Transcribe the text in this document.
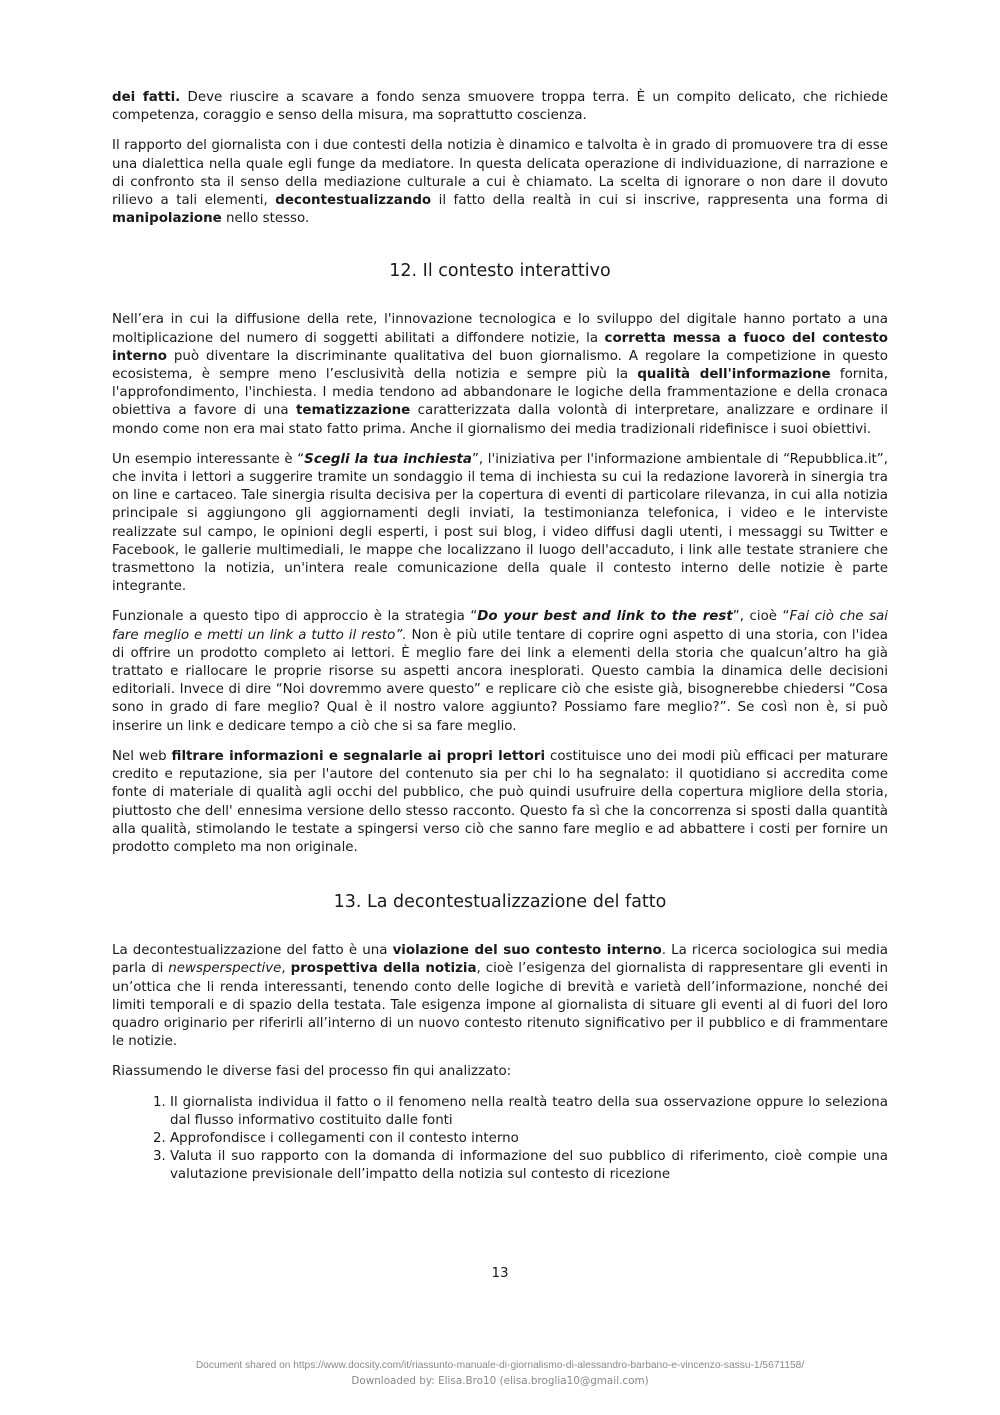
dei fatti. Deve riuscire a scavare a fondo senza smuovere troppa terra. È un compito delicato, che richiede competenza, coraggio e senso della misura, ma soprattutto coscienza.

Il rapporto del giornalista con i due contesti della notizia è dinamico e talvolta è in grado di promuovere tra di esse una dialettica nella quale egli funge da mediatore. In questa delicata operazione di individuazione, di narrazione e di confronto sta il senso della mediazione culturale a cui è chiamato. La scelta di ignorare o non dare il dovuto rilievo a tali elementi, decontestualizzando il fatto della realtà in cui si inscrive, rappresenta una forma di manipolazione nello stesso.

12. Il contesto interattivo

Nell’era in cui la diffusione della rete, l'innovazione tecnologica e lo sviluppo del digitale hanno portato a una moltiplicazione del numero di soggetti abilitati a diffondere notizie, la corretta messa a fuoco del contesto interno può diventare la discriminante qualitativa del buon giornalismo. A regolare la competizione in questo ecosistema, è sempre meno l’esclusività della notizia e sempre più la qualità dell'informazione fornita, l'approfondimento, l'inchiesta. I media tendono ad abbandonare le logiche della frammentazione e della cronaca obiettiva a favore di una tematizzazione caratterizzata dalla volontà di interpretare, analizzare e ordinare il mondo come non era mai stato fatto prima. Anche il giornalismo dei media tradizionali ridefinisce i suoi obiettivi.

Un esempio interessante è “Scegli la tua inchiesta”, l'iniziativa per l'informazione ambientale di “Repubblica.it”, che invita i lettori a suggerire tramite un sondaggio il tema di inchiesta su cui la redazione lavorerà in sinergia tra on line e cartaceo. Tale sinergia risulta decisiva per la copertura di eventi di particolare rilevanza, in cui alla notizia principale si aggiungono gli aggiornamenti degli inviati, la testimonianza telefonica, i video e le interviste realizzate sul campo, le opinioni degli esperti, i post sui blog, i video diffusi dagli utenti, i messaggi su Twitter e Facebook, le gallerie multimediali, le mappe che localizzano il luogo dell'accaduto, i link alle testate straniere che trasmettono la notizia, un'intera reale comunicazione della quale il contesto interno delle notizie è parte integrante.

Funzionale a questo tipo di approccio è la strategia “Do your best and link to the rest”, cioè “Fai ciò che sai fare meglio e metti un link a tutto il resto”. Non è più utile tentare di coprire ogni aspetto di una storia, con l'idea di offrire un prodotto completo ai lettori. È meglio fare dei link a elementi della storia che qualcun’altro ha già trattato e riallocare le proprie risorse su aspetti ancora inesplorati. Questo cambia la dinamica delle decisioni editoriali. Invece di dire “Noi dovremmo avere questo” e replicare ciò che esiste già, bisognerebbe chiedersi “Cosa sono in grado di fare meglio? Qual è il nostro valore aggiunto? Possiamo fare meglio?”. Se così non è, si può inserire un link e dedicare tempo a ciò che si sa fare meglio.

Nel web filtrare informazioni e segnalarle ai propri lettori costituisce uno dei modi più efficaci per maturare credito e reputazione, sia per l'autore del contenuto sia per chi lo ha segnalato: il quotidiano si accredita come fonte di materiale di qualità agli occhi del pubblico, che può quindi usufruire della copertura migliore della storia, piuttosto che dell' ennesima versione dello stesso racconto. Questo fa sì che la concorrenza si sposti dalla quantità alla qualità, stimolando le testate a spingersi verso ciò che sanno fare meglio e ad abbattere i costi per fornire un prodotto completo ma non originale.

13. La decontestualizzazione del fatto

La decontestualizzazione del fatto è una violazione del suo contesto interno. La ricerca sociologica sui media parla di newsperspective, prospettiva della notizia, cioè l’esigenza del giornalista di rappresentare gli eventi in un’ottica che li renda interessanti, tenendo conto delle logiche di brevità e varietà dell’informazione, nonché dei limiti temporali e di spazio della testata. Tale esigenza impone al giornalista di situare gli eventi al di fuori del loro quadro originario per riferirli all’interno di un nuovo contesto ritenuto significativo per il pubblico e di frammentare le notizie.

Riassumendo le diverse fasi del processo fin qui analizzato:

1. Il giornalista individua il fatto o il fenomeno nella realtà teatro della sua osservazione oppure lo seleziona dal flusso informativo costituito dalle fonti
2. Approfondisce i collegamenti con il contesto interno
3. Valuta il suo rapporto con la domanda di informazione del suo pubblico di riferimento, cioè compie una valutazione previsionale dell’impatto della notizia sul contesto di ricezione
13
Document shared on https://www.docsity.com/it/riassunto-manuale-di-giornalismo-di-alessandro-barbano-e-vincenzo-sassu-1/5671158/
Downloaded by: Elisa.Bro10 (elisa.broglia10@gmail.com)
